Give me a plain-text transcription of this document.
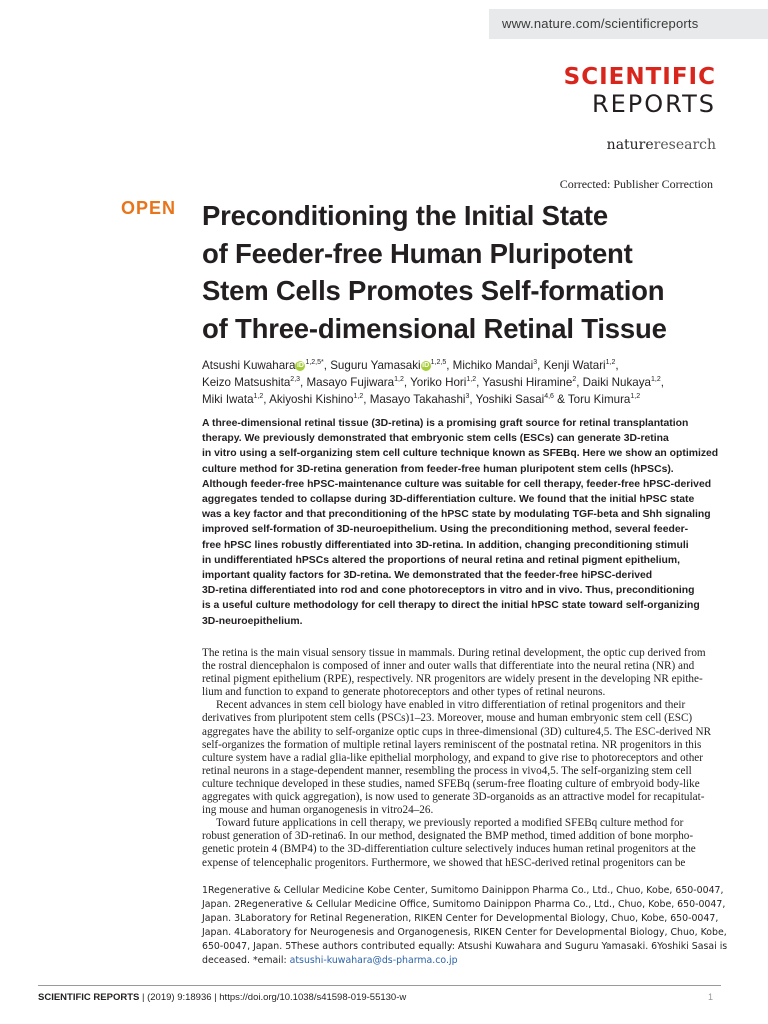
www.nature.com/scientificreports
SCIENTIFIC
REPORTS
natureresearch
Corrected: Publisher Correction
OPEN Preconditioning the Initial State
of Feeder-free Human Pluripotent
Stem Cells Promotes Self-formation
of Three-dimensional Retinal Tissue
Atsushi Kuwahara iD $^{1,2,5*}$, Suguru Yamasaki iD $^{1,2,5}$, Michiko Mandai$^3$, Kenji Watari$^{1,2}$,
Keizo Matsushita$^{2,3}$, Masayo Fujiwara$^{1,2}$, Yoriko Hori$^{1,2}$, Yasushi Hiramine$^2$, Daiki Nukaya$^{1,2}$,
Miki Iwata$^{1,2}$, Akiyoshi Kishino$^{1,2}$, Masayo Takahashi$^3$, Yoshiki Sasai$^{4,6}$ & Toru Kimura$^{1,2}$
A three-dimensional retinal tissue (3D-retina) is a promising graft source for retinal transplantation
therapy. We previously demonstrated that embryonic stem cells (ESCs) can generate 3D-retina
in vitro using a self-organizing stem cell culture technique known as SFEBq. Here we show an optimized
culture method for 3D-retina generation from feeder-free human pluripotent stem cells (hPSCs).
Although feeder-free hPSC-maintenance culture was suitable for cell therapy, feeder-free hPSC-derived
aggregates tended to collapse during 3D-differentiation culture. We found that the initial hPSC state
was a key factor and that preconditioning of the hPSC state by modulating TGF-beta and Shh signaling
improved self-formation of 3D-neuroepithelium. Using the preconditioning method, several feeder-
free hPSC lines robustly differentiated into 3D-retina. In addition, changing preconditioning stimuli
in undifferentiated hPSCs altered the proportions of neural retina and retinal pigment epithelium,
important quality factors for 3D-retina. We demonstrated that the feeder-free hiPSC-derived
3D-retina differentiated into rod and cone photoreceptors in vitro and in vivo. Thus, preconditioning
is a useful culture methodology for cell therapy to direct the initial hPSC state toward self-organizing
3D-neuroepithelium.
The retina is the main visual sensory tissue in mammals. During retinal development, the optic cup derived from
the rostral diencephalon is composed of inner and outer walls that differentiate into the neural retina (NR) and
retinal pigment epithelium (RPE), respectively. NR progenitors are widely present in the developing NR epithe-
lium and function to expand to generate photoreceptors and other types of retinal neurons.
Recent advances in stem cell biology have enabled in vitro differentiation of retinal progenitors and their
derivatives from pluripotent stem cells (PSCs)1–23. Moreover, mouse and human embryonic stem cell (ESC)
aggregates have the ability to self-organize optic cups in three-dimensional (3D) culture4,5. The ESC-derived NR
self-organizes the formation of multiple retinal layers reminiscent of the postnatal retina. NR progenitors in this
culture system have a radial glia-like epithelial morphology, and expand to give rise to photoreceptors and other
retinal neurons in a stage-dependent manner, resembling the process in vivo4,5. The self-organizing stem cell
culture technique developed in these studies, named SFEBq (serum-free floating culture of embryoid body-like
aggregates with quick aggregation), is now used to generate 3D-organoids as an attractive model for recapitulat-
ing mouse and human organogenesis in vitro24–26.
Toward future applications in cell therapy, we previously reported a modified SFEBq culture method for
robust generation of 3D-retina6. In our method, designated the BMP method, timed addition of bone morpho-
genetic protein 4 (BMP4) to the 3D-differentiation culture selectively induces human retinal progenitors at the
expense of telencephalic progenitors. Furthermore, we showed that hESC-derived retinal progenitors can be
1Regenerative & Cellular Medicine Kobe Center, Sumitomo Dainippon Pharma Co., Ltd., Chuo, Kobe, 650-0047,
Japan. 2Regenerative & Cellular Medicine Office, Sumitomo Dainippon Pharma Co., Ltd., Chuo, Kobe, 650-0047,
Japan. 3Laboratory for Retinal Regeneration, RIKEN Center for Developmental Biology, Chuo, Kobe, 650-0047,
Japan. 4Laboratory for Neurogenesis and Organogenesis, RIKEN Center for Developmental Biology, Chuo, Kobe,
650-0047, Japan. 5These authors contributed equally: Atsushi Kuwahara and Suguru Yamasaki. 6Yoshiki Sasai is
deceased. *email: atsushi-kuwahara@ds-pharma.co.jp
SCIENTIFIC REPORTS | (2019) 9:18936 | https://doi.org/10.1038/s41598-019-55130-w	1
